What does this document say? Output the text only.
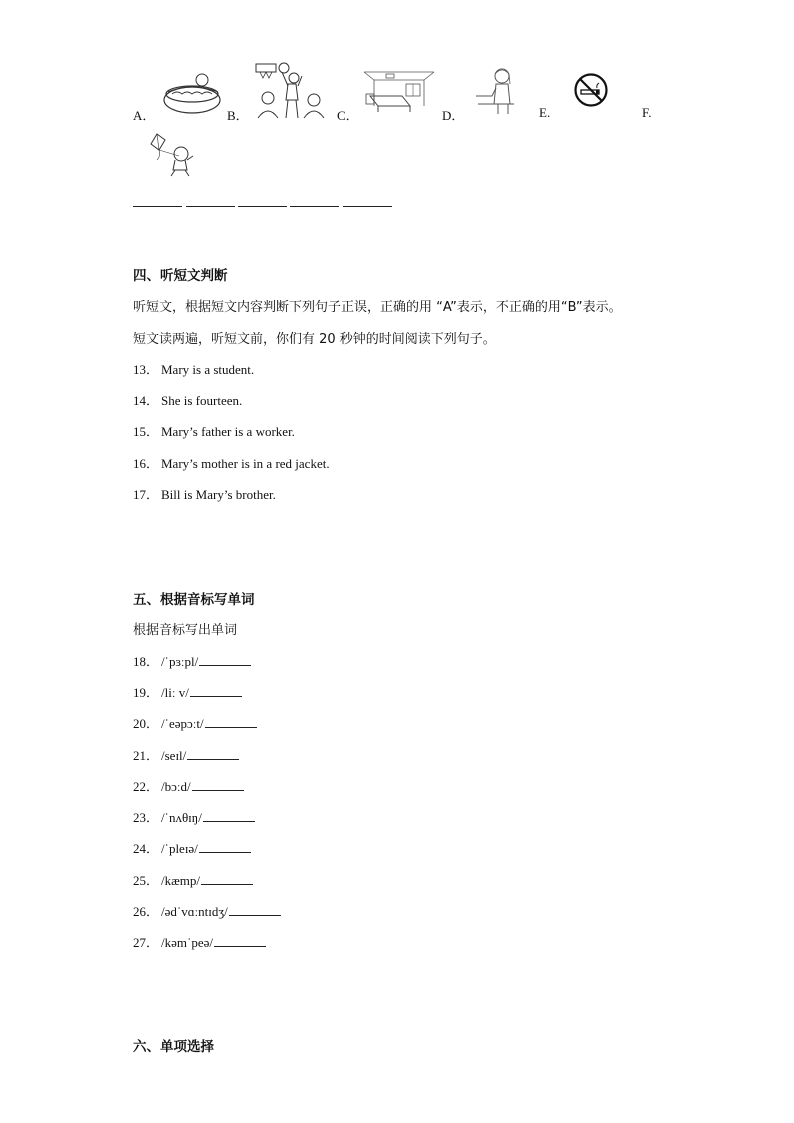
A．	B．	C．	D．	E.	F.
四、听短文判断
听短文，根据短文内容判断下列句子正误，正确的用 “A”表示，不正确的用“B”表示。
短文读两遍，听短文前，你们有 20 秒钟的时间阅读下列句子。
13． Mary is a student.
14． She is fourteen.
15． Mary’s father is a worker.
16． Mary’s mother is in a red jacket.
17． Bill is Mary’s brother.
五、根据音标写单词
根据音标写出单词
18． /ˈpɜːpl/
19． /liː v/
20． /ˈeəpɔːt/
21． /seɪl/
22． /bɔːd/
23． /ˈnʌθɪŋ/
24． /ˈpleɪə/
25． /kæmp/
26． /ədˈvɑːntɪdʒ/
27． /kəmˈpeə/
六、单项选择
